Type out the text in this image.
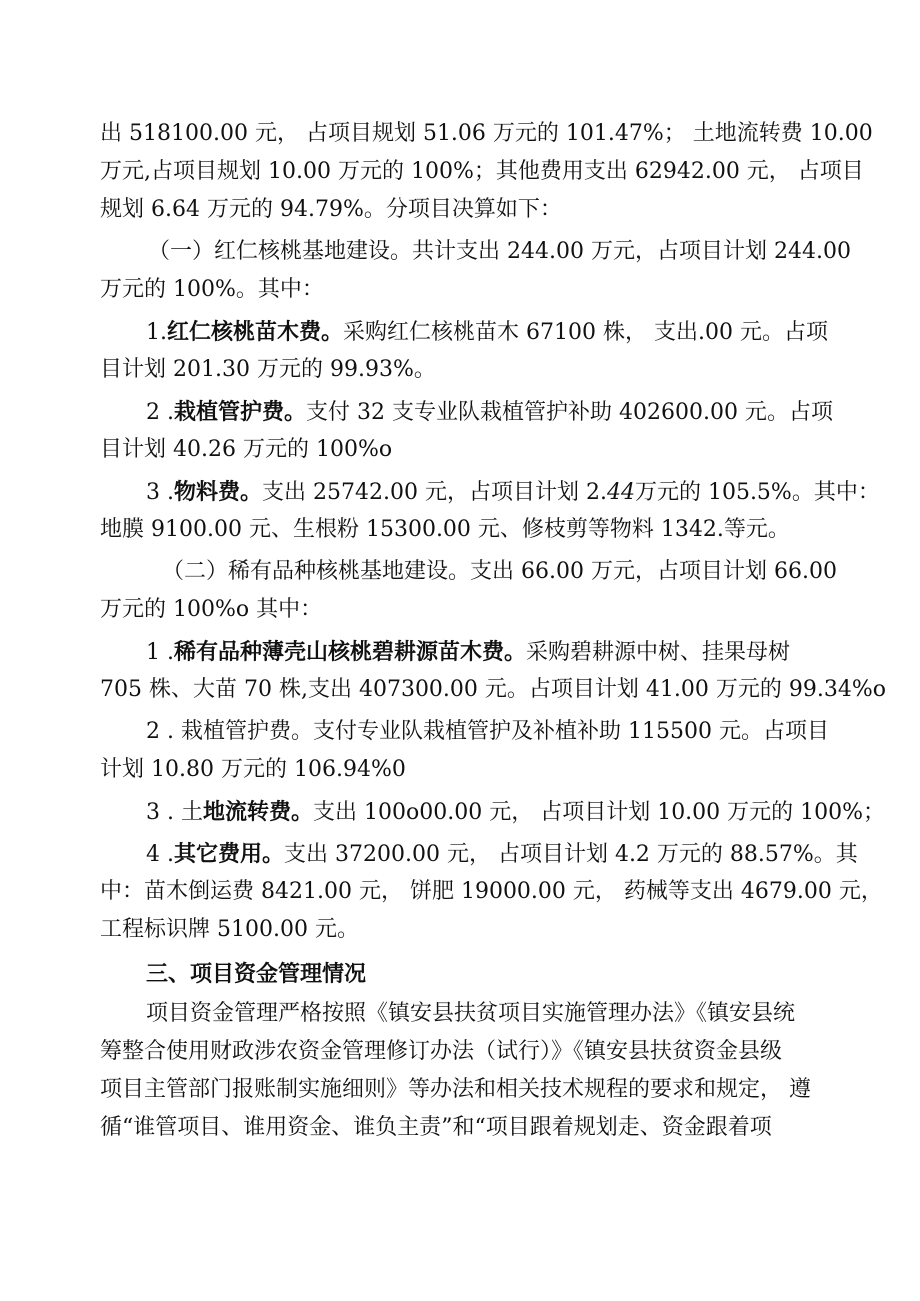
出 518100.00 元， 占项目规划 51.06 万元的 101.47%； 土地流转费 10.00
万元,占项目规划 10.00 万元的 100%；其他费用支出 62942.00 元， 占项目
规划 6.64 万元的 94.79%。分项目决算如下：
（一）红仁核桃基地建设。共计支出 244.00 万元，占项目计划 244.00
万元的 100%。其中：
1.红仁核桃苗木费。采购红仁核桃苗木 67100 株， 支出.00 元。占项
目计划 201.30 万元的 99.93%。
2 .栽植管护费。支付 32 支专业队栽植管护补助 402600.00 元。占项
目计划 40.26 万元的 100%o
3 .物料费。支出 25742.00 元，占项目计划 2.44万元的 105.5%。其中：
地膜 9100.00 元、生根粉 15300.00 元、修枝剪等物料 1342.等元。
（二）稀有品种核桃基地建设。支出 66.00 万元，占项目计划 66.00
万元的 100%o 其中：
1 .稀有品种薄壳山核桃碧耕源苗木费。采购碧耕源中树、挂果母树
705 株、大苗 70 株,支出 407300.00 元。占项目计划 41.00 万元的 99.34%o
2 . 栽植管护费。支付专业队栽植管护及补植补助 115500 元。占项目
计划 10.80 万元的 106.94%0
3 . 土地流转费。支出 100o00.00 元， 占项目计划 10.00 万元的 100%；
4 .其它费用。支出 37200.00 元， 占项目计划 4.2 万元的 88.57%。其
中：苗木倒运费 8421.00 元， 饼肥 19000.00 元， 药械等支出 4679.00 元，
工程标识牌 5100.00 元。
三、项目资金管理情况
项目资金管理严格按照《镇安县扶贫项目实施管理办法》《镇安县统
筹整合使用财政涉农资金管理修订办法（试行）》《镇安县扶贫资金县级
项目主管部门报账制实施细则》等办法和相关技术规程的要求和规定， 遵
循“谁管项目、谁用资金、谁负主责”和“项目跟着规划走、资金跟着项
